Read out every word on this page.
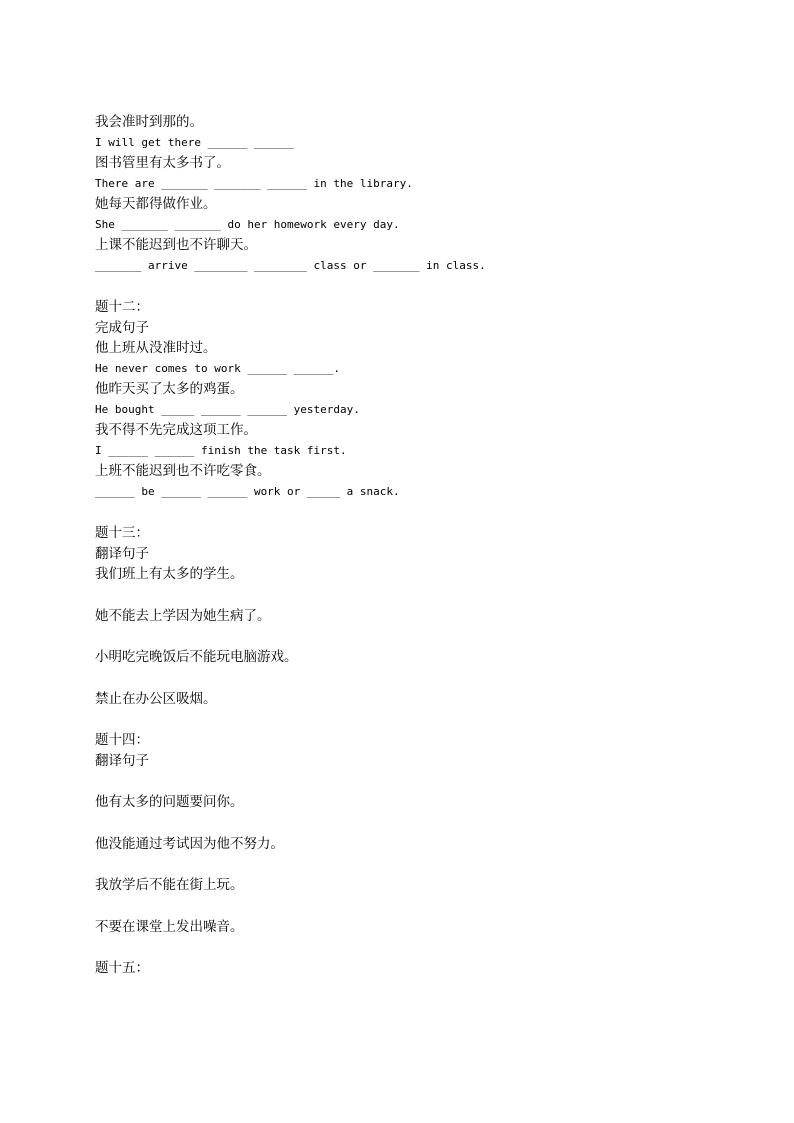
我会准时到那的。
I will get there ______ ______
图书管里有太多书了。
There are _______ _______ ______ in the library.
她每天都得做作业。
She _______ _______ do her homework every day.
上课不能迟到也不许聊天。
_______ arrive ________ ________ class or _______ in class.
题十二：
完成句子
他上班从没准时过。
He never comes to work ______ ______.
他昨天买了太多的鸡蛋。
He bought _____ ______ ______ yesterday.
我不得不先完成这项工作。
I ______ ______ finish the task first.
上班不能迟到也不许吃零食。
______ be ______ ______ work or _____ a snack.
题十三：
翻译句子
我们班上有太多的学生。
她不能去上学因为她生病了。
小明吃完晚饭后不能玩电脑游戏。
禁止在办公区吸烟。
题十四：
翻译句子
他有太多的问题要问你。
他没能通过考试因为他不努力。
我放学后不能在街上玩。
不要在课堂上发出噪音。
题十五：
